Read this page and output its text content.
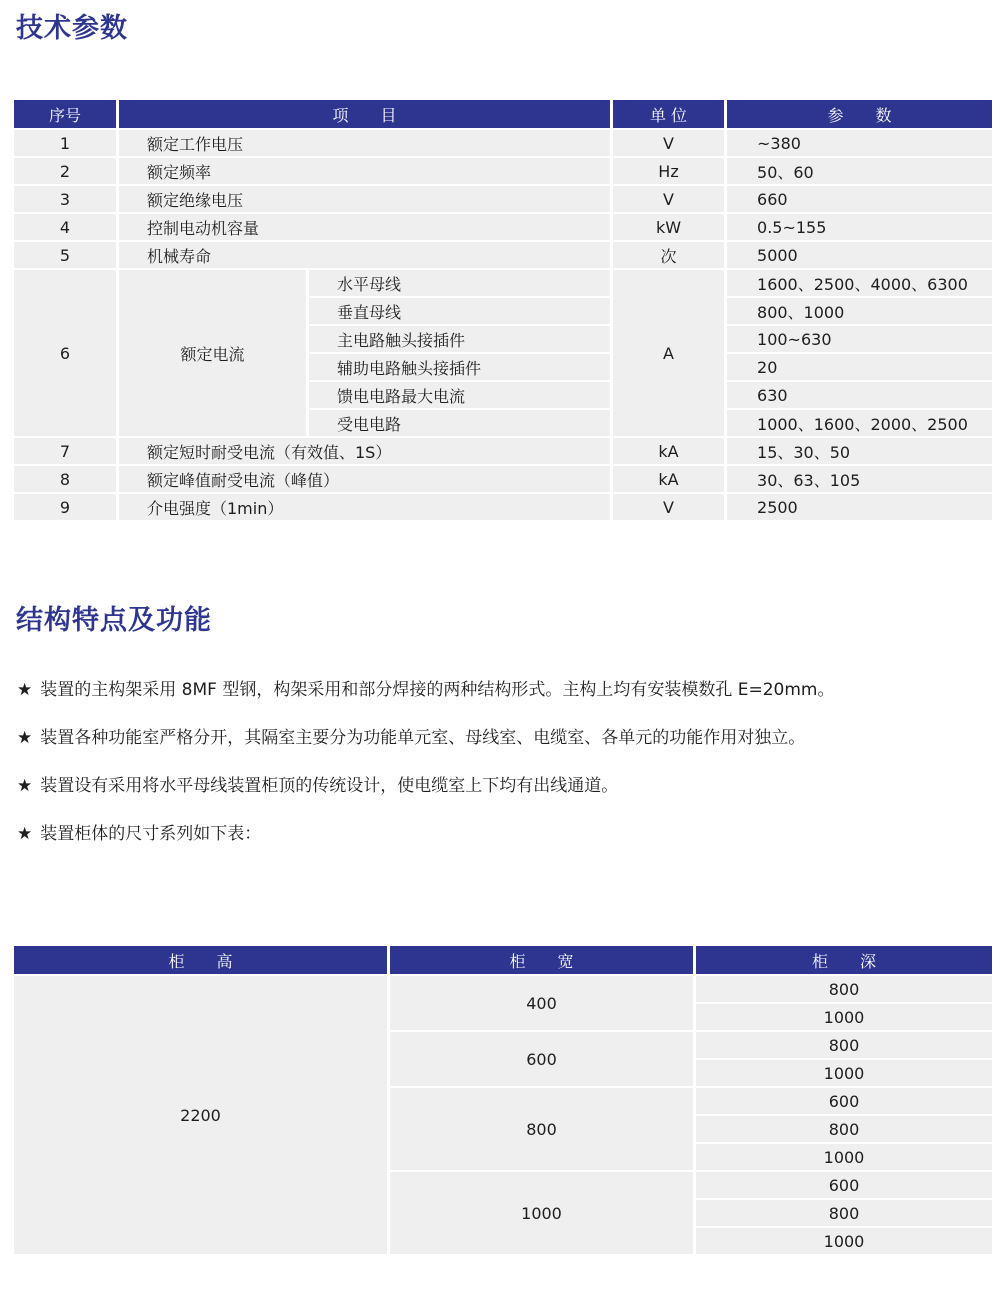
技术参数
序号	项　　目		单 位	参　　数
1	额定工作电压		V	~380
2	额定频率		Hz	50、60
3	额定绝缘电压		V	660
4	控制电动机容量		kW	0.5~155
5	机械寿命		次	5000
6	额定电流	水平母线	A	1600、2500、4000、6300
		垂直母线		800、1000
		主电路触头接插件		100~630
		辅助电路触头接插件		20
		馈电电路最大电流		630
		受电电路		1000、1600、2000、2500
7	额定短时耐受电流（有效值、1S）		kA	15、30、50
8	额定峰值耐受电流（峰值）		kA	30、63、105
9	介电强度（1min）		V	2500
结构特点及功能
★ 装置的主构架采用 8MF 型钢，构架采用和部分焊接的两种结构形式。主构上均有安装模数孔 E=20mm。
★ 装置各种功能室严格分开，其隔室主要分为功能单元室、母线室、电缆室、各单元的功能作用对独立。
★ 装置设有采用将水平母线装置柜顶的传统设计，使电缆室上下均有出线通道。
★ 装置柜体的尺寸系列如下表：
柜　　高	柜　　宽	柜　　深
2200	400	800
		1000
	600	800
		1000
	800	600
		800
		1000
	1000	600
		800
		1000
